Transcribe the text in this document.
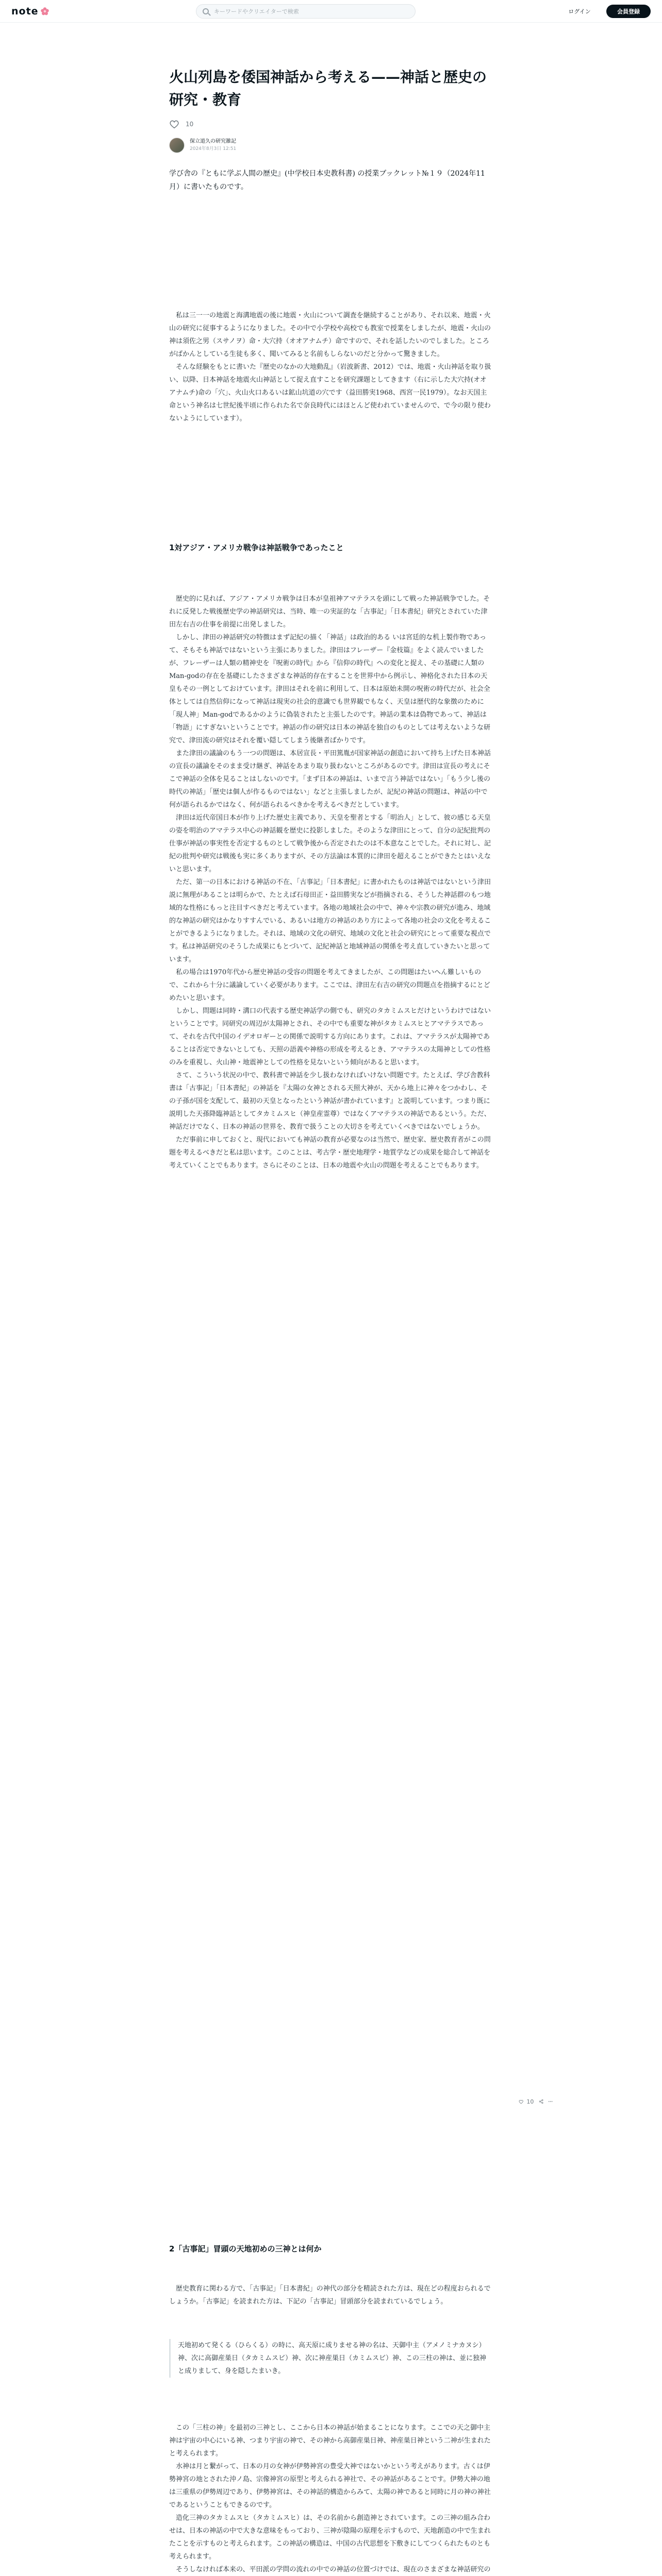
note
キーワードやクリエイターで検索	ログイン	会員登録
火山列島を倭国神話から考える——神話と歴史の研究・教育
10
保立道久の研究雑記
2024年8月3日 12:51

学び舎の『ともに学ぶ人間の歴史』(中学校日本史教科書) の授業ブックレット№１９（2024年11月）に書いたものです。

私は三一一の地震と海溝地震の後に地震・火山について調査を継続することがあり、それ以来、地震・火山の研究に従事するようになりました。その中で小学校や高校でも教室で授業をしましたが、地震・火山の神は須佐之男（スサノヲ）命・大穴持（オオアナムチ）命ですので、それを話したいのでしました。ところがばかんとしている生徒も多く、聞いてみると名前もしらないのだと分かって驚きました。

そんな経験をもとに書いた『歴史のなかの大地動乱』（岩波新書、2012）では、地震・火山神話を取り扱い、以降、日本神話を地震火山神話として捉え直すことを研究課題としてきます（右に示した大穴持(オオアナムチ)命の「穴」、火山火口あるいは鉱山坑道の穴です（益田勝実1968、西宮一民1979）。なお天国主命という神名は七世紀後半頃に作られた名で奈良時代にはほとんど使われていませんので、で今の限り使わないようにしています）。

1対アジア・アメリカ戦争は神話戦争であったこと

歴史的に見れば、アジア・アメリカ戦争は日本が皇祖神アマテラスを頭にして戦った神話戦争でした。それに反発した戦後歴史学の神話研究は、当時、唯一の実証的な「古事記」「日本書紀」研究とされていた津田左右吉の仕事を前提に出発しました。

しかし、津田の神話研究の特徴はまず記紀の描く「神話」は政治的ある いは宮廷的な机上製作物であって、そもそも神話ではないという主張にありました。津田はフレーザー『金枝篇』をよく読んでいましたが、フレーザーは人類の精神史を『呪術の時代』から『信仰の時代』への変化と捉え、その基礎に人類のMan-godの存在を基礎にしたさまざまな神話的存在することを世界中から例示し、神格化された日本の天皇もその一例としておけています。津田はそれを前に利用して、日本は原始未開の呪術の時代だが、社会全体としては自然信仰になって神話は現実の社会的意識でも世界観でもなく、天皇は歴代的な象徴のために「現人神」Man-godであるかのように偽装されたと主張したのです。神話の業本は偽物であって、神話は「物語」にすぎないということです。神話の作の研究は日本の神話を独自のものとしては考えないような研究で、津田流の研究はそれを覆い隠してしまう後継者ばかりです。

また津田の議論のもう一つの問題は、本居宣長・平田篤胤が国家神話の創造において持ち上げた日本神話の宣長の議論をそのまま受け継ぎ、神話をあまり取り扱わないところがあるのです。津田は宣長の考えにそこで神話の全体を見ることはしないのです。「まず日本の神話は、いまで言う神話ではない」「もう少し後の時代の神話」「歴史は個人が作るものではない」などと主張しましたが、記紀の神話の問題は、神話の中で何が語られるかではなく、何が語られるべきかを考えるべきだとしています。

津田は近代帝国日本が作り上げた歴史主義であり、天皇を聖者とする「明治人」として、彼の感じる天皇の姿を明治のアマテラス中心の神話観を歴史に投影しました。そのような津田にとって、自分の記紀批判の仕事が神話の事実性を否定するものとして戦争後から否定されたのは不本意なことでした。それに対し、記紀の批判や研究は戦後も実に多くありますが、その方法論は本質的に津田を超えることができたとはいえないと思います。

ただ、第一の日本における神話の不在、「古事記」「日本書紀」に書かれたものは神話ではないという津田説に無理があることは明らかで、たとえば石母田正・益田勝実などが指摘される、そうした神話群のもつ地域的な性格にもっと注目すべきだと考えています。各地の地域社会の中で、神々や宗教の研究が進み、地域的な神話の研究はかなりすすんでいる、あるいは地方の神話のあり方によって各地の社会の文化を考えることができるようになりました。それは、地域の文化の研究、地域の文化と社会の研究にとって重要な視点です。私は神話研究のそうした成果にもとづいて、記紀神話と地域神話の関係を考え直していきたいと思っています。

私の場合は1970年代から歴史神話の受容の問題を考えてきましたが、この問題はたいへん難しいもので、これから十分に議論していく必要があります。ここでは、津田左右吉の研究の問題点を指摘するにとどめたいと思います。

しかし、問題は同時・溝口の代表する歴史神話学の側でも、研究のタカミムスヒだけというわけではないということです。同研究の周辺が太陽神とされ、その中でも重要な神がタカミムスヒとアマテラスであって、それを古代中国のイデオロギーとの関係で説明する方向にあります。これは、アマテラスが太陽神であることは否定できないとしても、天照の語義や神格の形成を考えるとき、アマテラスの太陽神としての性格のみを重視し、火山神・地震神としての性格を見ないという傾向があると思います。

さて、こういう状況の中で、教科書で神話を少し扱わなければいけない問題です。たとえば、学び舎教科書は「古事記」「日本書紀」の神話を『太陽の女神とされる天照大神が、天から地上に神々をつかわし、その子孫が国を支配して、最初の天皇となったという神話が書かれています』と説明しています。つまり既に説明した天孫降臨神話としてタカミムスヒ（神皇産霊尊）ではなくアマテラスの神話であるという。ただ、神話だけでなく、日本の神話の世界を、教育で扱うことの大切さを考えていくべきではないでしょうか。

ただ事前に申しておくと、現代においても神話の教育が必要なのは当然で、歴史家、歴史教育者がこの問題を考えるべきだと私は思います。このことは、考古学・歴史地理学・地質学などの成果を総合して神話を考えていくことでもあります。さらにそのことは、日本の地震や火山の問題を考えることでもあります。

10
2「古事記」冒頭の天地初めの三神とは何か

歴史教育に関わる方で、「古事記」「日本書紀」の神代の部分を精読された方は、現在どの程度おられるでしょうか。「古事記」を読まれた方は、下記の「古事記」冒頭部分を読まれているでしょう。

天地初めて発くる（ひらくる）の時に、高天原に成りませる神の名は、天御中主（アメノミナカヌシ）神、次に高御産巣日（タカミムスビ）神、次に神産巣日（カミムスビ）神、この三柱の神は、並に独神と成りまして、身を隠したまいき。

この「三柱の神」を最初の三神とし、ここから日本の神話が始まることになります。ここでの天之御中主神は宇宙の中心にいる神、つまり宇宙の神で、その神から高御産巣日神、神産巣日神という二神が生まれたと考えられます。

水神は月と繋がって、日本の月の女神が伊勢神宮の豊受大神ではないかという考えがあります。古くは伊勢神宮の地とされた沖ノ島、宗像神宮の原型と考えられる神社で、その神話があることです。伊勢大神の地は三重県の伊勢周辺であり、伊勢神宮は、その神話的構造からみて、太陽の神であると同時に月の神の神社であるということもできるのです。

造化三神のタカミムスヒ（タカミムスヒ）は、その名前から創造神とされています。この三神の組み合わせは、日本の神話の中で大きな意味をもっており、三神が陰陽の原理を示すもので、天地創造の中で生まれたことを示すものと考えられます。この神話の構造は、中国の古代思想を下敷きにしてつくられたものとも考えられます。

そうしなければ本来の、平田派の学問の流れの中での神話の位置づけでは、現在のさまざまな神話研究の
